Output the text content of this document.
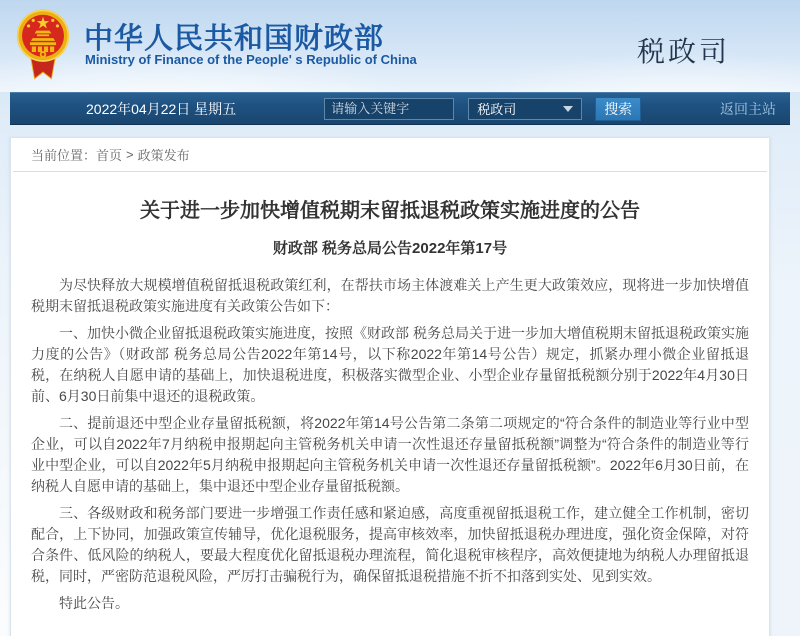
中华人民共和国财政部
Ministry of Finance of the People' s Republic of China	税政司
2022年04月22日 星期五
请输入关键字	税政司	搜索	返回主站
当前位置： 首页 > 政策发布
关于进一步加快增值税期末留抵退税政策实施进度的公告
财政部 税务总局公告2022年第17号

为尽快释放大规模增值税留抵退税政策红利，在帮扶市场主体渡难关上产生更大政策效应，现将进一步加快增值税期末留抵退税政策实施进度有关政策公告如下：

一、加快小微企业留抵退税政策实施进度，按照《财政部 税务总局关于进一步加大增值税期末留抵退税政策实施力度的公告》（财政部 税务总局公告2022年第14号，以下称2022年第14号公告）规定，抓紧办理小微企业留抵退税，在纳税人自愿申请的基础上，加快退税进度，积极落实微型企业、小型企业存量留抵税额分别于2022年4月30日前、6月30日前集中退还的退税政策。

二、提前退还中型企业存量留抵税额，将2022年第14号公告第二条第二项规定的“符合条件的制造业等行业中型企业，可以自2022年7月纳税申报期起向主管税务机关申请一次性退还存量留抵税额”调整为“符合条件的制造业等行业中型企业，可以自2022年5月纳税申报期起向主管税务机关申请一次性退还存量留抵税额”。2022年6月30日前，在纳税人自愿申请的基础上，集中退还中型企业存量留抵税额。

三、各级财政和税务部门要进一步增强工作责任感和紧迫感，高度重视留抵退税工作，建立健全工作机制，密切配合，上下协同，加强政策宣传辅导，优化退税服务，提高审核效率，加快留抵退税办理进度，强化资金保障，对符合条件、低风险的纳税人，要最大程度优化留抵退税办理流程，简化退税审核程序，高效便捷地为纳税人办理留抵退税，同时，严密防范退税风险，严厉打击骗税行为，确保留抵退税措施不折不扣落到实处、见到实效。

特此公告。
